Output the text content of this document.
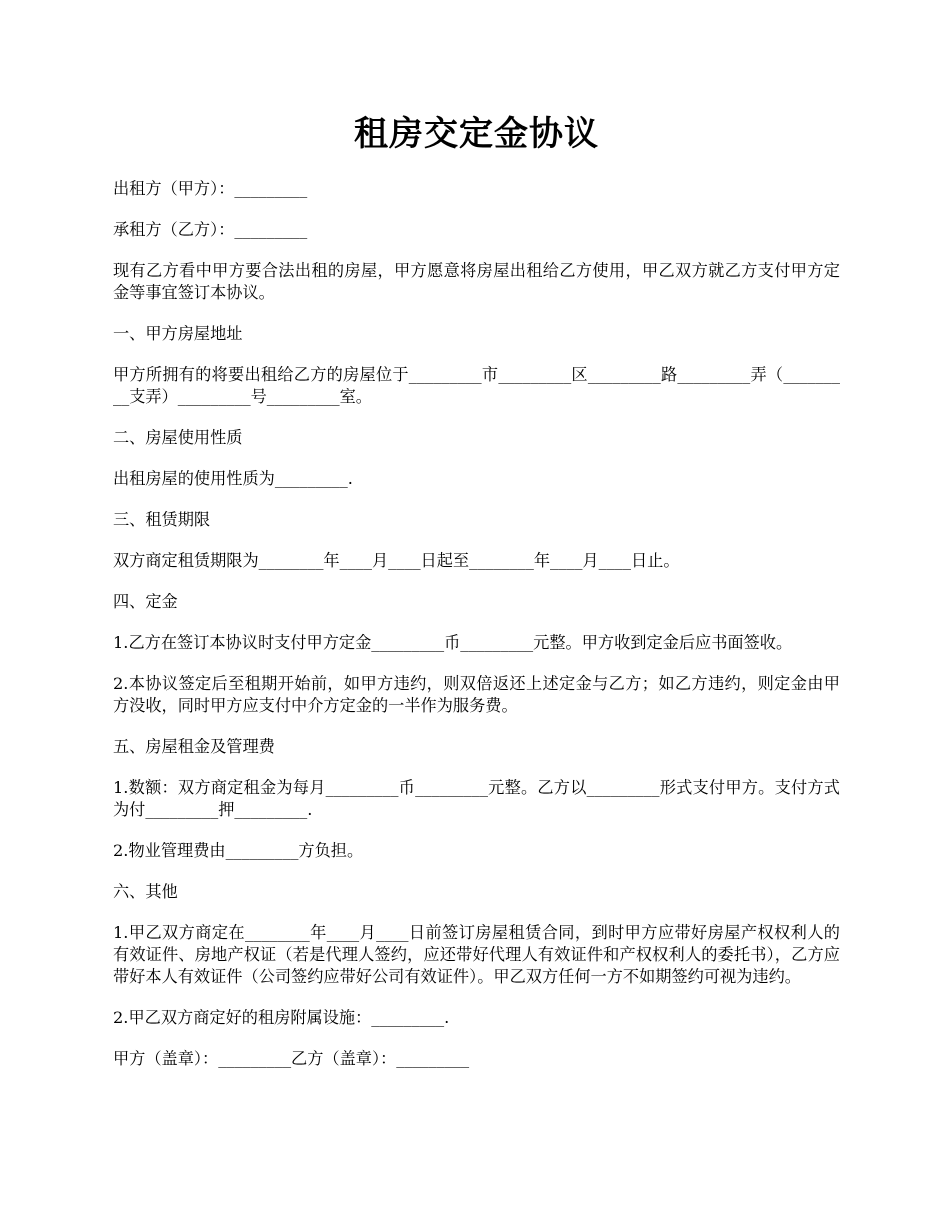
租房交定金协议

出租方（甲方）：_________

承租方（乙方）：_________

现有乙方看中甲方要合法出租的房屋，甲方愿意将房屋出租给乙方使用，甲乙双方就乙方支付甲方定金等事宜签订本协议。

一、甲方房屋地址

甲方所拥有的将要出租给乙方的房屋位于_________市_________区_________路_________弄（_________支弄）_________号_________室。

二、房屋使用性质

出租房屋的使用性质为_________.

三、租赁期限

双方商定租赁期限为________年____月____日起至________年____月____日止。

四、定金

1.乙方在签订本协议时支付甲方定金_________币_________元整。甲方收到定金后应书面签收。

2.本协议签定后至租期开始前，如甲方违约，则双倍返还上述定金与乙方；如乙方违约，则定金由甲方没收，同时甲方应支付中介方定金的一半作为服务费。

五、房屋租金及管理费

1.数额：双方商定租金为每月_________币_________元整。乙方以_________形式支付甲方。支付方式为付_________押_________.

2.物业管理费由_________方负担。

六、其他

1.甲乙双方商定在________年____月____日前签订房屋租赁合同，到时甲方应带好房屋产权权利人的有效证件、房地产权证（若是代理人签约，应还带好代理人有效证件和产权权利人的委托书），乙方应带好本人有效证件（公司签约应带好公司有效证件）。甲乙双方任何一方不如期签约可视为违约。

2.甲乙双方商定好的租房附属设施：_________.

甲方（盖章）：_________乙方（盖章）：_________
